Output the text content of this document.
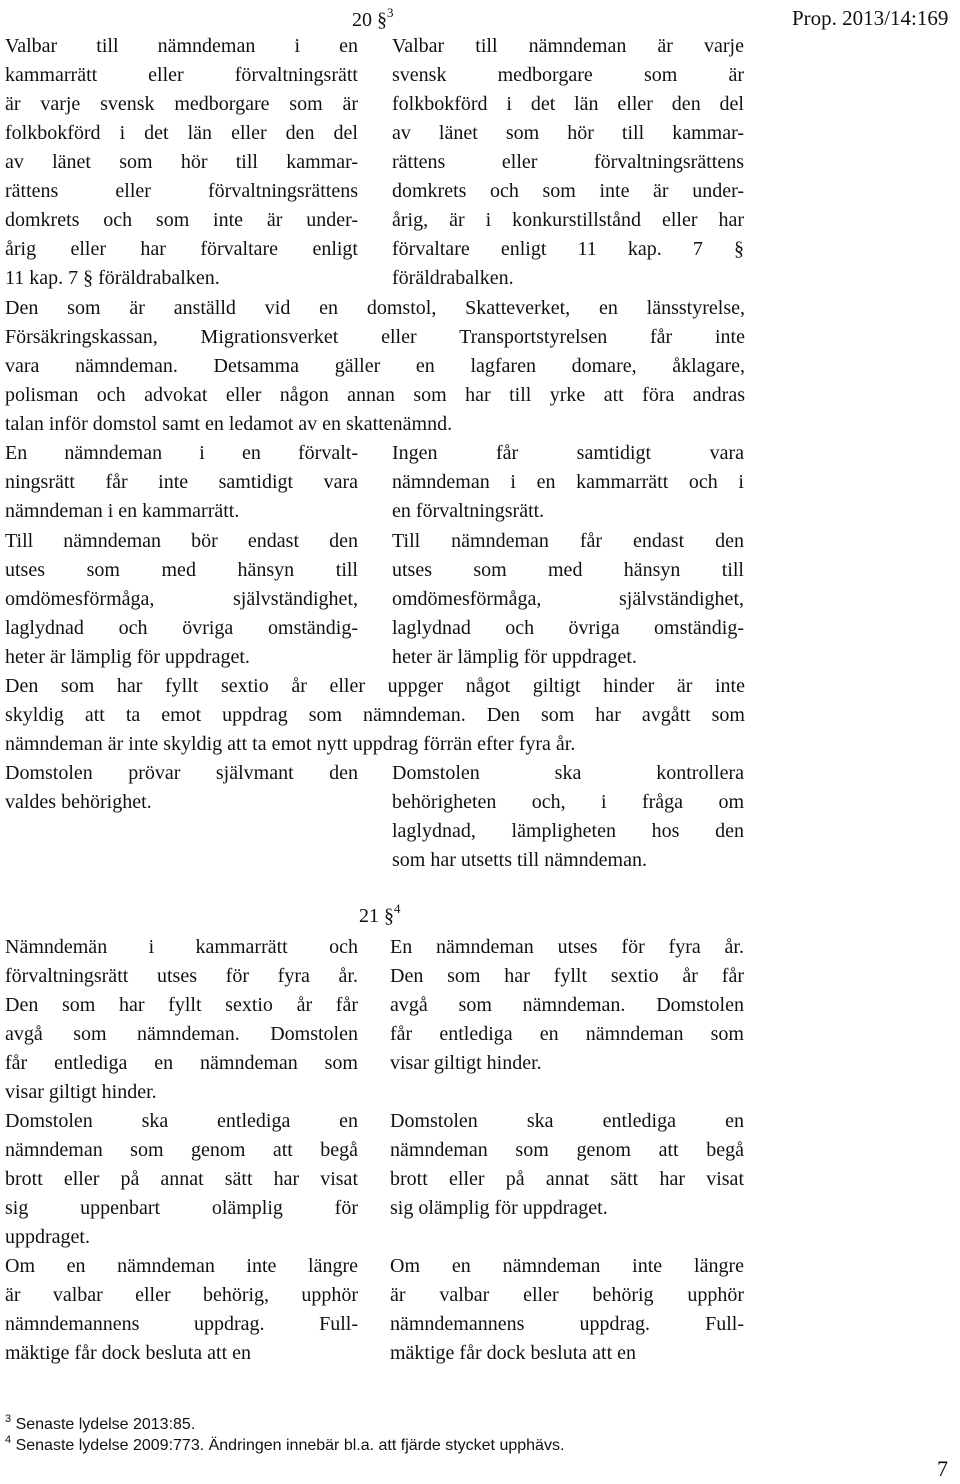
20 §$^3$	Prop. 2013/14:169
Valbar till nämndeman i en
kammarrätt eller förvaltningsrätt
är varje svensk medborgare som är
folkbokförd i det län eller den del
av länet som hör till kammar-
rättens eller förvaltningsrättens
domkrets och som inte är under-
årig eller har förvaltare enligt
11 kap. 7 § föräldrabalken.
Valbar till nämndeman är varje
svensk medborgare som är
folkbokförd i det län eller den del
av länet som hör till kammar-
rättens eller förvaltningsrättens
domkrets och som inte är under-
årig, är i konkurstillstånd eller har
förvaltare enligt 11 kap. 7 §
föräldrabalken.
Den som är anställd vid en domstol, Skatteverket, en länsstyrelse,
Försäkringskassan, Migrationsverket eller Transportstyrelsen får inte
vara nämndeman. Detsamma gäller en lagfaren domare, åklagare,
polisman och advokat eller någon annan som har till yrke att föra andras
talan inför domstol samt en ledamot av en skattenämnd.
En nämndeman i en förvalt-
ningsrätt får inte samtidigt vara
nämndeman i en kammarrätt.
Ingen får samtidigt vara
nämndeman i en kammarrätt och i
en förvaltningsrätt.
Till nämndeman bör endast den
utses som med hänsyn till
omdömesförmåga, självständighet,
laglydnad och övriga omständig-
heter är lämplig för uppdraget.
Till nämndeman får endast den
utses som med hänsyn till
omdömesförmåga, självständighet,
laglydnad och övriga omständig-
heter är lämplig för uppdraget.
Den som har fyllt sextio år eller uppger något giltigt hinder är inte
skyldig att ta emot uppdrag som nämndeman. Den som har avgått som
nämndeman är inte skyldig att ta emot nytt uppdrag förrän efter fyra år.
Domstolen prövar självmant den
valdes behörighet.
Domstolen ska kontrollera
behörigheten och, i fråga om
laglydnad, lämpligheten hos den
som har utsetts till nämndeman.
21 §$^4$
Nämndemän i kammarrätt och
förvaltningsrätt utses för fyra år.
Den som har fyllt sextio år får
avgå som nämndeman. Domstolen
får entlediga en nämndeman som
visar giltigt hinder.
En nämndeman utses för fyra år.
Den som har fyllt sextio år får
avgå som nämndeman. Domstolen
får entlediga en nämndeman som
visar giltigt hinder.
Domstolen ska entlediga en
nämndeman som genom att begå
brott eller på annat sätt har visat
sig uppenbart olämplig för
uppdraget.
Domstolen ska entlediga en
nämndeman som genom att begå
brott eller på annat sätt har visat
sig olämplig för uppdraget.
Om en nämndeman inte längre
är valbar eller behörig, upphör
nämndemannens uppdrag. Full-
mäktige får dock besluta att en
Om en nämndeman inte längre
är valbar eller behörig upphör
nämndemannens uppdrag. Full-
mäktige får dock besluta att en
$^3$ Senaste lydelse 2013:85.
$^4$ Senaste lydelse 2009:773. Ändringen innebär bl.a. att fjärde stycket upphävs.
7
